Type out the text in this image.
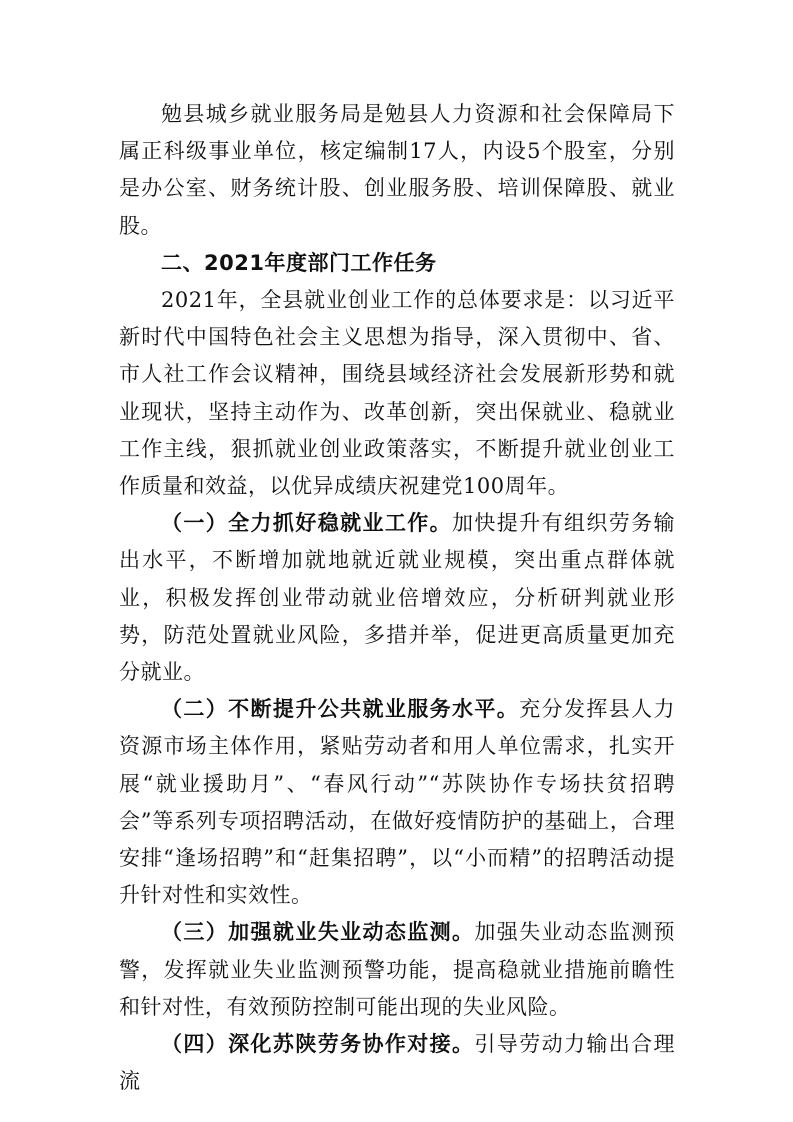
勉县城乡就业服务局是勉县人力资源和社会保障局下属正科级事业单位，核定编制17人，内设5个股室，分别是办公室、财务统计股、创业服务股、培训保障股、就业股。

二、2021年度部门工作任务

2021年，全县就业创业工作的总体要求是：以习近平新时代中国特色社会主义思想为指导，深入贯彻中、省、市人社工作会议精神，围绕县域经济社会发展新形势和就业现状，坚持主动作为、改革创新，突出保就业、稳就业工作主线，狠抓就业创业政策落实，不断提升就业创业工作质量和效益，以优异成绩庆祝建党100周年。

（一）全力抓好稳就业工作。加快提升有组织劳务输出水平，不断增加就地就近就业规模，突出重点群体就业，积极发挥创业带动就业倍增效应，分析研判就业形势，防范处置就业风险，多措并举，促进更高质量更加充分就业。

（二）不断提升公共就业服务水平。充分发挥县人力资源市场主体作用，紧贴劳动者和用人单位需求，扎实开展“就业援助月”、“春风行动”“苏陕协作专场扶贫招聘会”等系列专项招聘活动，在做好疫情防护的基础上，合理安排“逢场招聘”和“赶集招聘”，以“小而精”的招聘活动提升针对性和实效性。

（三）加强就业失业动态监测。加强失业动态监测预警，发挥就业失业监测预警功能，提高稳就业措施前瞻性和针对性，有效预防控制可能出现的失业风险。

（四）深化苏陕劳务协作对接。引导劳动力输出合理流
